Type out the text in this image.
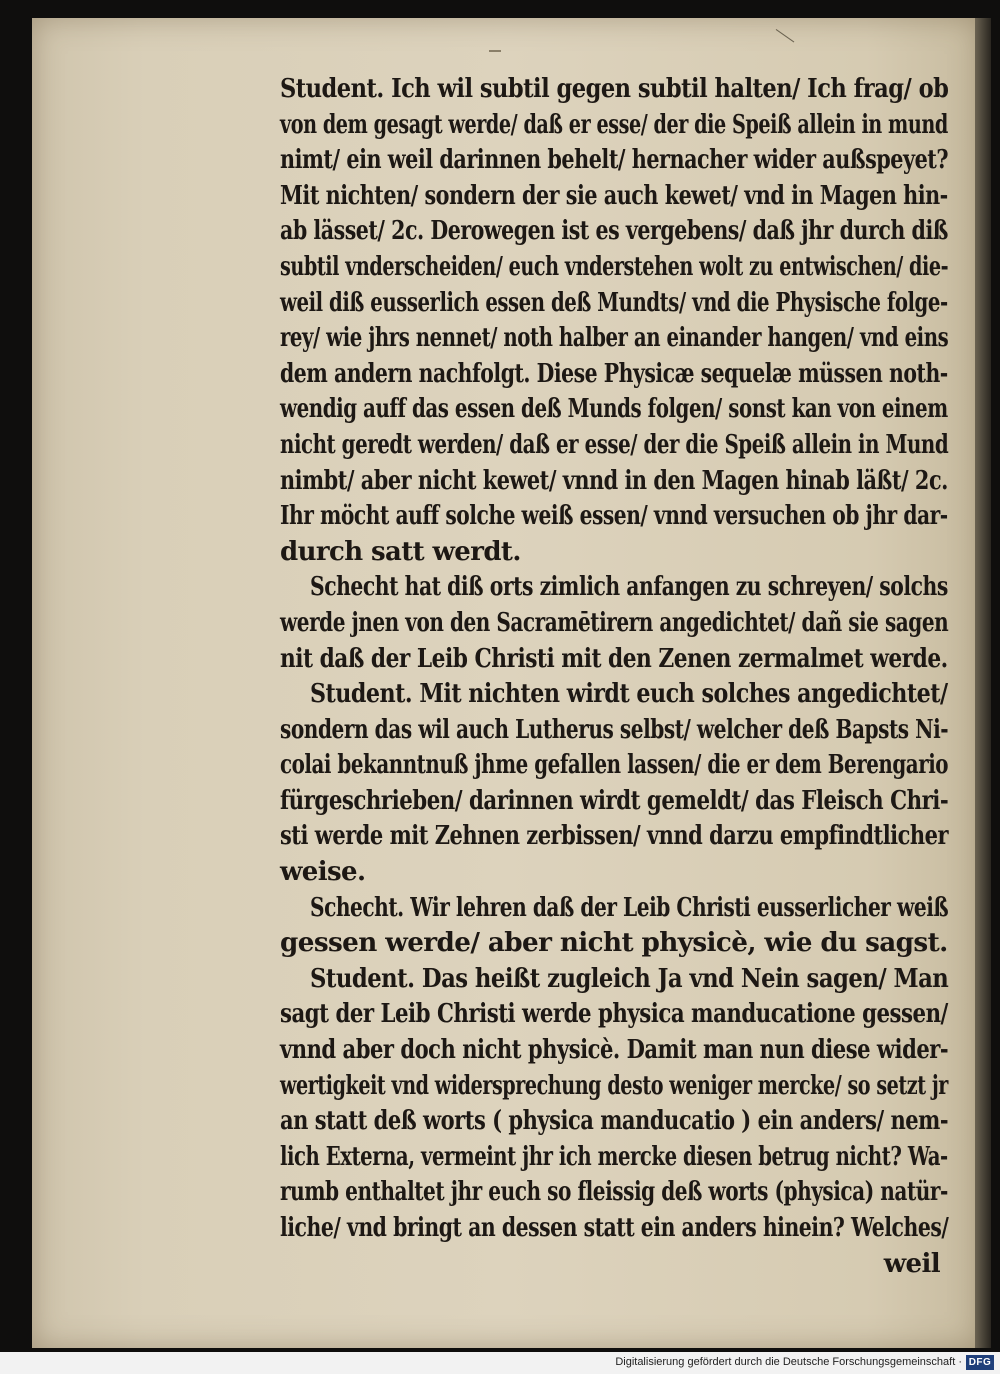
Student. Ich wil subtil gegen subtil halten/ Ich frag/ ob
von dem gesagt werde/ daß er esse/ der die Speiß allein in mund
nimt/ ein weil darinnen behelt/ hernacher wider außspeyet?
Mit nichten/ sondern der sie auch kewet/ vnd in Magen hin-
ab lässet/ 2c. Derowegen ist es vergebens/ daß jhr durch diß
subtil vnderscheiden/ euch vnderstehen wolt zu entwischen/ die-
weil diß eusserlich essen deß Mundts/ vnd die Physische folge-
rey/ wie jhrs nennet/ noth halber an einander hangen/ vnd eins
dem andern nachfolgt. Diese Physicæ sequelæ müssen noth-
wendig auff das essen deß Munds folgen/ sonst kan von einem
nicht geredt werden/ daß er esse/ der die Speiß allein in Mund
nimbt/ aber nicht kewet/ vnnd in den Magen hinab läßt/ 2c.
Ihr möcht auff solche weiß essen/ vnnd versuchen ob jhr dar-
durch satt werdt.
Schecht hat diß orts zimlich anfangen zu schreyen/ solchs
werde jnen von den Sacramētirern angedichtet/ dañ sie sagen
nit daß der Leib Christi mit den Zenen zermalmet werde.
Student. Mit nichten wirdt euch solches angedichtet/
sondern das wil auch Lutherus selbst/ welcher deß Bapsts Ni-
colai bekanntnuß jhme gefallen lassen/ die er dem Berengario
fürgeschrieben/ darinnen wirdt gemeldt/ das Fleisch Chri-
sti werde mit Zehnen zerbissen/ vnnd darzu empfindtlicher
weise.
Schecht. Wir lehren daß der Leib Christi eusserlicher weiß
gessen werde/ aber nicht physicè, wie du sagst.
Student. Das heißt zugleich Ja vnd Nein sagen/ Man
sagt der Leib Christi werde physica manducatione gessen/
vnnd aber doch nicht physicè. Damit man nun diese wider-
wertigkeit vnd widersprechung desto weniger mercke/ so setzt jr
an statt deß worts ( physica manducatio ) ein anders/ nem-
lich Externa, vermeint jhr ich mercke diesen betrug nicht? Wa-
rumb enthaltet jhr euch so fleissig deß worts (physica) natür-
liche/ vnd bringt an dessen statt ein anders hinein? Welches/
weil
Digitalisierung gefördert durch die Deutsche Forschungsgemeinschaft · DFG
